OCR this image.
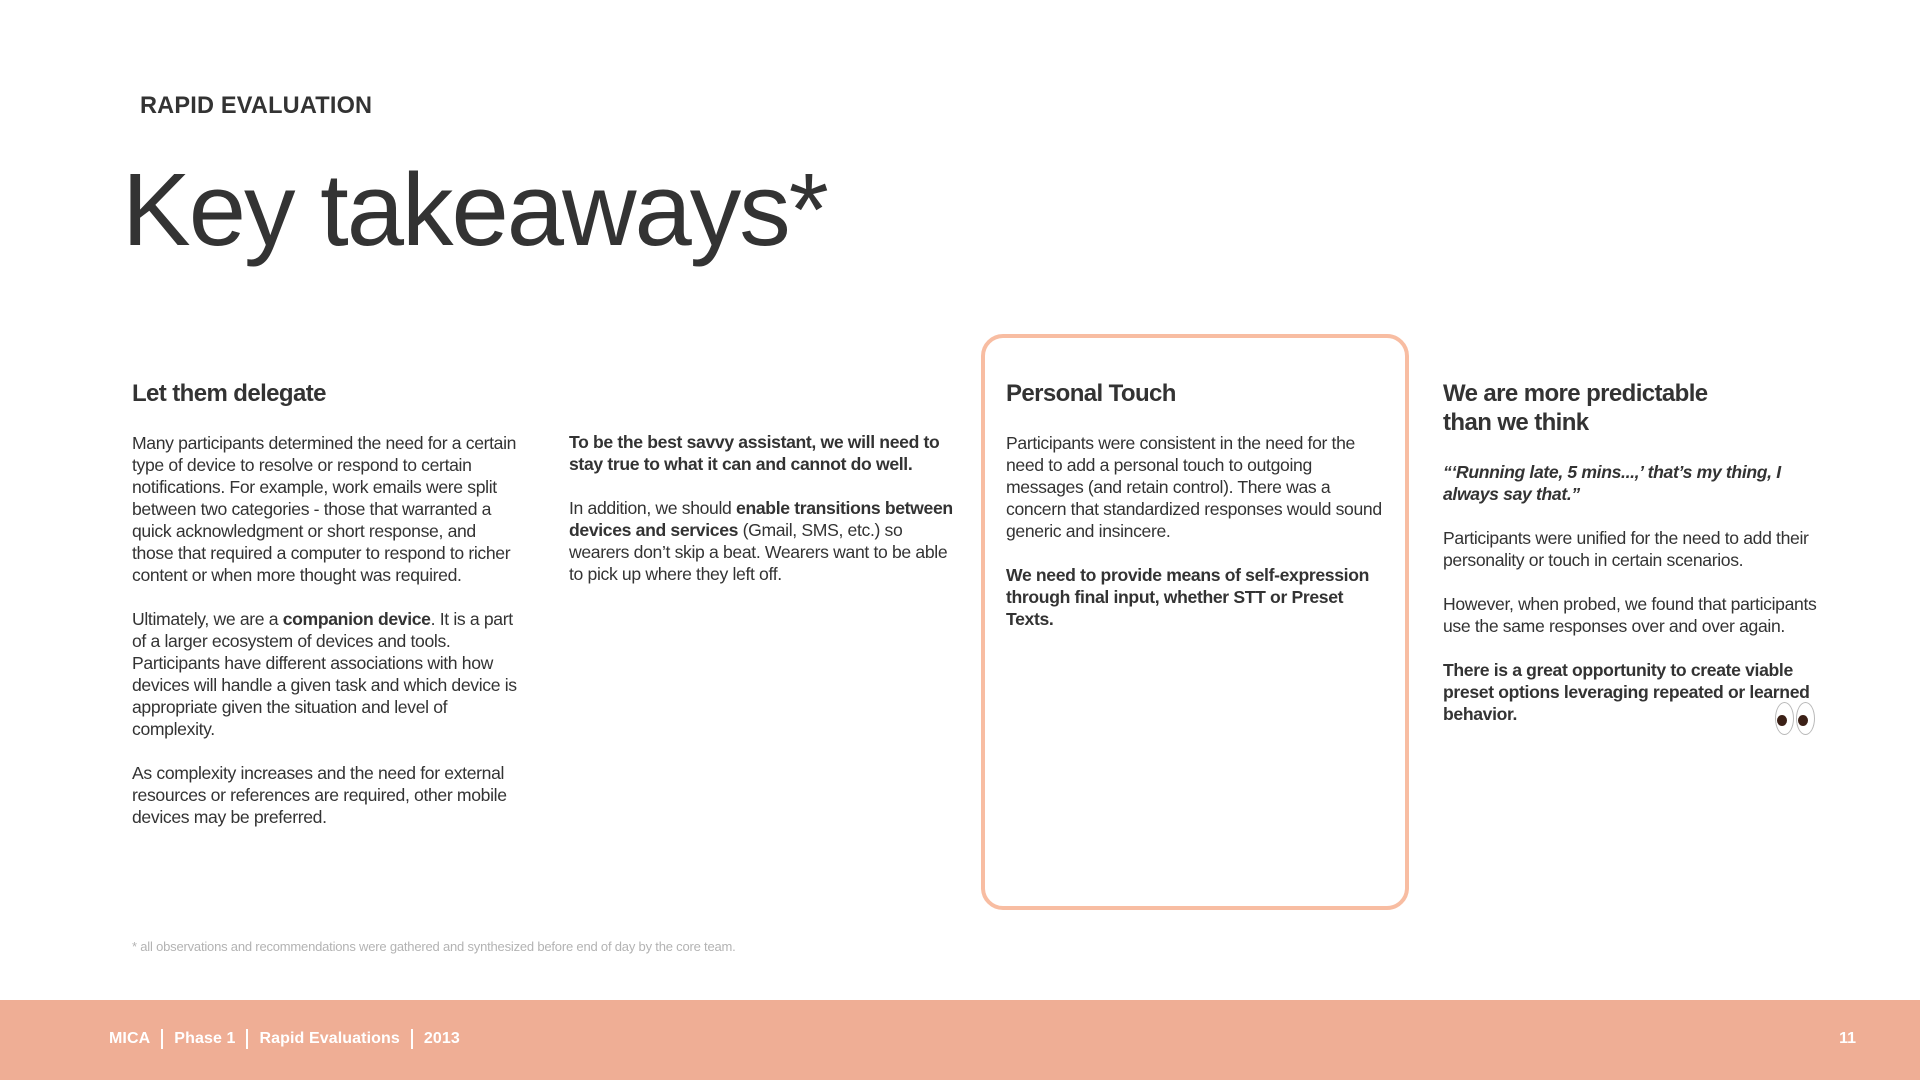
RAPID EVALUATION
Key takeaways*
Let them delegate

Many participants determined the need for a certain type of device to resolve or respond to certain notifications. For example, work emails were split between two categories - those that warranted a quick acknowledgment or short response, and those that required a computer to respond to richer content or when more thought was required.

Ultimately, we are a companion device. It is a part of a larger ecosystem of devices and tools. Participants have different associations with how devices will handle a given task and which device is appropriate given the situation and level of complexity.

As complexity increases and the need for external resources or references are required, other mobile devices may be preferred.

To be the best savvy assistant, we will need to stay true to what it can and cannot do well.

In addition, we should enable transitions between devices and services (Gmail, SMS, etc.) so wearers don’t skip a beat. Wearers want to be able to pick up where they left off.

Personal Touch

Participants were consistent in the need for the need to add a personal touch to outgoing messages (and retain control). There was a concern that standardized responses would sound generic and insincere.

We need to provide means of self-expression through final input, whether STT or Preset Texts.

We are more predictable than we think

“‘Running late, 5 mins...,’ that’s my thing, I always say that.”

Participants were unified for the need to add their personality or touch in certain scenarios.

However, when probed, we found that participants use the same responses over and over again.

There is a great opportunity to create viable preset options leveraging repeated or learned behavior.

* all observations and recommendations were gathered and synthesized before end of day by the core team.
MICA Phase 1 Rapid Evaluations 2013	11
